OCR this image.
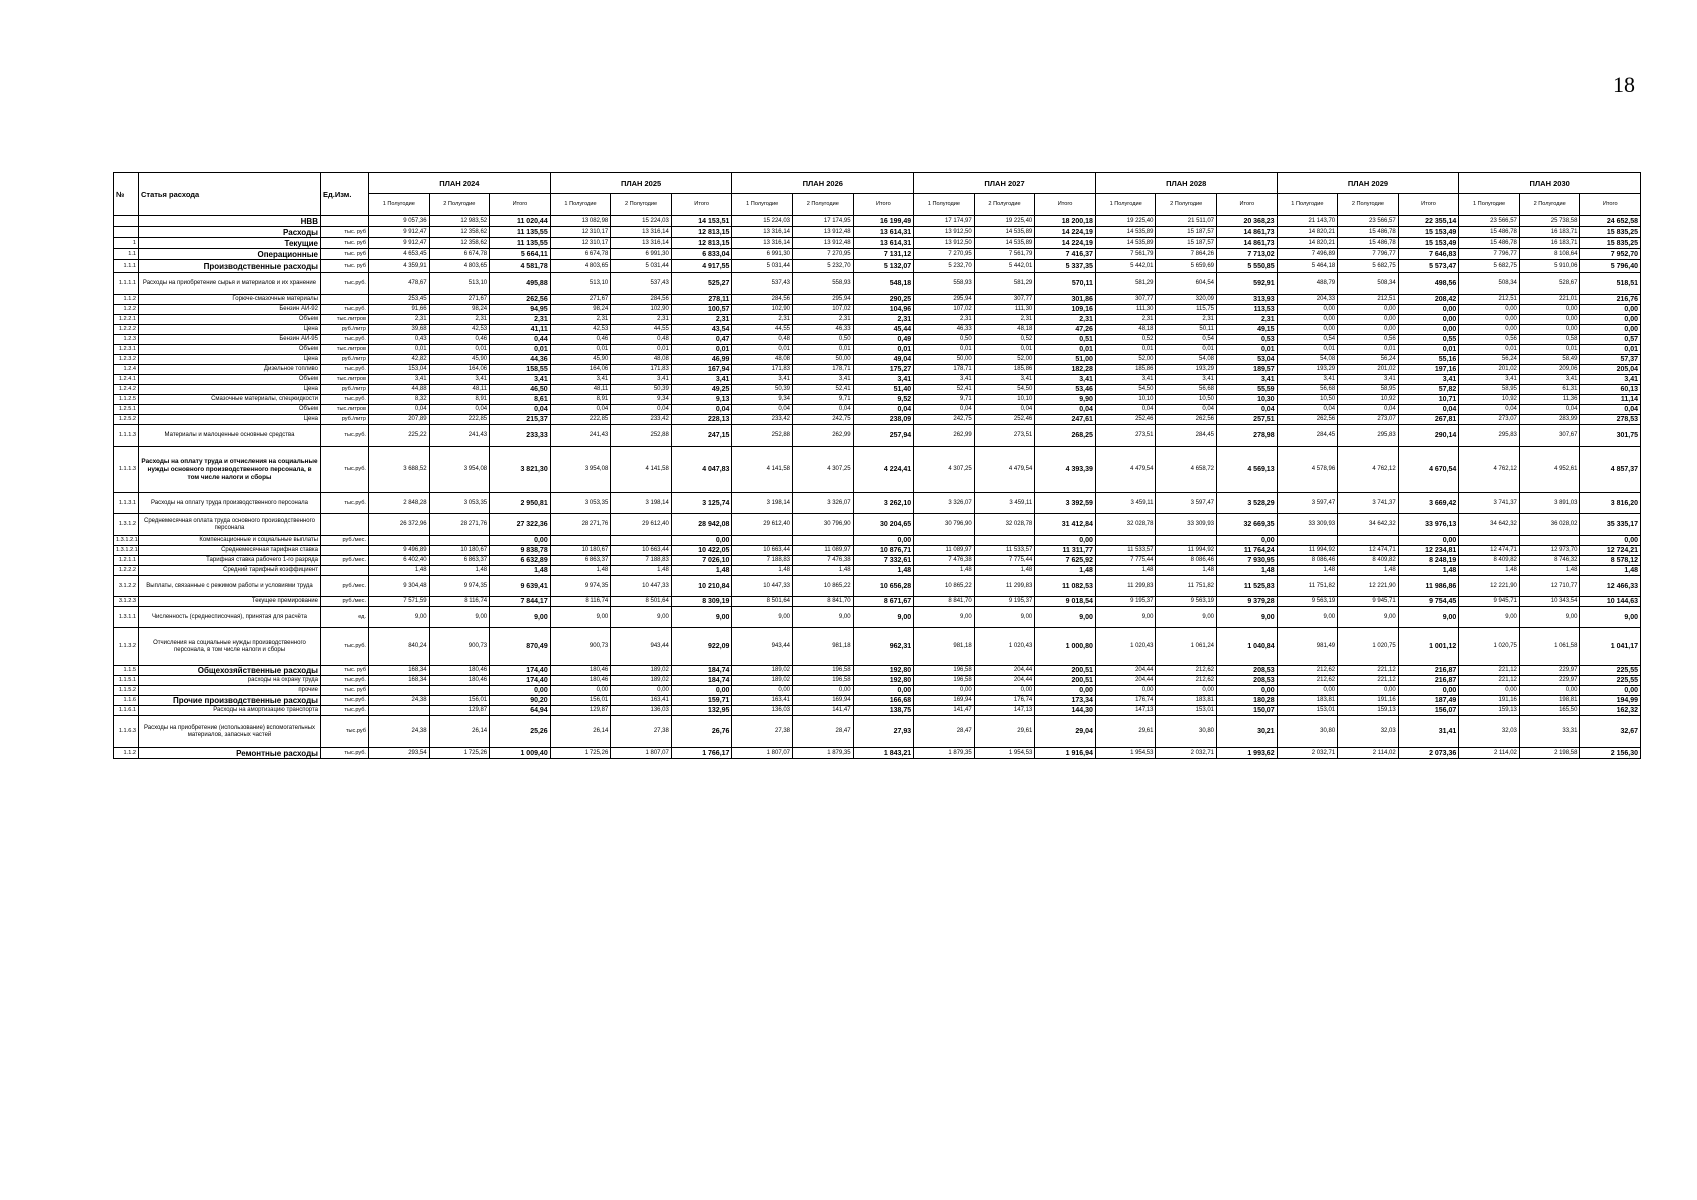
18
№	Статья расхода	Ед.Изм.	ПЛАН 2024			ПЛАН 2025			ПЛАН 2026			ПЛАН 2027			ПЛАН 2028			ПЛАН 2029			ПЛАН 2030		
			1 Полугодие	2 Полугодие	Итого	1 Полугодие	2 Полугодие	Итого	1 Полугодие	2 Полугодие	Итого	1 Полугодие	2 Полугодие	Итого	1 Полугодие	2 Полугодие	Итого	1 Полугодие	2 Полугодие	Итого	1 Полугодие	2 Полугодие	Итого
	НВВ		9 057,36	12 983,52	11 020,44	13 082,98	15 224,03	14 153,51	15 224,03	17 174,95	16 199,49	17 174,97	19 225,40	18 200,18	19 225,40	21 511,07	20 368,23	21 143,70	23 566,57	22 355,14	23 566,57	25 738,58	24 652,58
	Расходы	тыс. руб	9 912,47	12 358,62	11 135,55	12 310,17	13 316,14	12 813,15	13 316,14	13 912,48	13 614,31	13 912,50	14 535,89	14 224,19	14 535,89	15 187,57	14 861,73	14 820,21	15 486,78	15 153,49	15 486,78	16 183,71	15 835,25
1	Текущие	тыс. руб	9 912,47	12 358,62	11 135,55	12 310,17	13 316,14	12 813,15	13 316,14	13 912,48	13 614,31	13 912,50	14 535,89	14 224,19	14 535,89	15 187,57	14 861,73	14 820,21	15 486,78	15 153,49	15 486,78	16 183,71	15 835,25
1.1	Операционные	тыс. руб	4 653,45	6 674,78	5 664,11	6 674,78	6 991,30	6 833,04	6 991,30	7 270,95	7 131,12	7 270,95	7 561,79	7 416,37	7 561,79	7 864,26	7 713,02	7 496,89	7 796,77	7 646,83	7 796,77	8 108,64	7 952,70
1.1.1	Производственные расходы	тыс. руб	4 359,91	4 803,65	4 581,78	4 803,65	5 031,44	4 917,55	5 031,44	5 232,70	5 132,07	5 232,70	5 442,01	5 337,35	5 442,01	5 659,69	5 550,85	5 464,18	5 682,75	5 573,47	5 682,75	5 910,06	5 796,40
1.1.1.1	Расходы на приобретение сырья и материалов и их хранение	тыс.руб.	478,67	513,10	495,88	513,10	537,43	525,27	537,43	558,93	548,18	558,93	581,29	570,11	581,29	604,54	592,91	488,79	508,34	498,56	508,34	528,67	518,51
1.1.2	Горюче-смазочные материалы		253,45	271,67	262,56	271,67	284,56	278,11	284,56	295,94	290,25	295,94	307,77	301,86	307,77	320,09	313,93	204,33	212,51	208,42	212,51	221,01	216,76
1.2.2	Бензин АИ-92	тыс.руб.	91,66	98,24	94,95	98,24	102,90	100,57	102,90	107,02	104,96	107,02	111,30	109,16	111,30	115,75	113,53	0,00	0,00	0,00	0,00	0,00	0,00
1.2.2.1	Объем	тыс.литров	2,31	2,31	2,31	2,31	2,31	2,31	2,31	2,31	2,31	2,31	2,31	2,31	2,31	2,31	2,31	0,00	0,00	0,00	0,00	0,00	0,00
1.2.2.2	Цена	руб./литр	39,68	42,53	41,11	42,53	44,55	43,54	44,55	46,33	45,44	46,33	48,18	47,26	48,18	50,11	49,15	0,00	0,00	0,00	0,00	0,00	0,00
1.2.3	Бензин АИ-95	тыс.руб.	0,43	0,46	0,44	0,46	0,48	0,47	0,48	0,50	0,49	0,50	0,52	0,51	0,52	0,54	0,53	0,54	0,56	0,55	0,56	0,58	0,57
1.2.3.1	Объем	тыс.литров	0,01	0,01	0,01	0,01	0,01	0,01	0,01	0,01	0,01	0,01	0,01	0,01	0,01	0,01	0,01	0,01	0,01	0,01	0,01	0,01	0,01
1.2.3.2	Цена	руб./литр	42,82	45,90	44,36	45,90	48,08	46,99	48,08	50,00	49,04	50,00	52,00	51,00	52,00	54,08	53,04	54,08	56,24	55,16	56,24	58,49	57,37
1.2.4	Дизельное топливо	тыс.руб.	153,04	164,06	158,55	164,06	171,83	167,94	171,83	178,71	175,27	178,71	185,86	182,28	185,86	193,29	189,57	193,29	201,02	197,16	201,02	209,06	205,04
1.2.4.1	Объем	тыс.литров	3,41	3,41	3,41	3,41	3,41	3,41	3,41	3,41	3,41	3,41	3,41	3,41	3,41	3,41	3,41	3,41	3,41	3,41	3,41	3,41	3,41
1.2.4.2	Цена	руб./литр	44,88	48,11	46,50	48,11	50,39	49,25	50,39	52,41	51,40	52,41	54,50	53,46	54,50	56,68	55,59	56,68	58,95	57,82	58,95	61,31	60,13
1.1.2.5	Смазочные материалы, спецжидкости	тыс.руб.	8,32	8,91	8,61	8,91	9,34	9,13	9,34	9,71	9,52	9,71	10,10	9,90	10,10	10,50	10,30	10,50	10,92	10,71	10,92	11,36	11,14
1.2.5.1	Объем	тыс.литров	0,04	0,04	0,04	0,04	0,04	0,04	0,04	0,04	0,04	0,04	0,04	0,04	0,04	0,04	0,04	0,04	0,04	0,04	0,04	0,04	0,04
1.2.5.2	Цена	руб./литр	207,89	222,85	215,37	222,85	233,42	228,13	233,42	242,75	238,09	242,75	252,46	247,61	252,46	262,56	257,51	262,56	273,07	267,81	273,07	283,99	278,53
1.1.1.3	Материалы и малоценные основные средства	тыс.руб.	225,22	241,43	233,33	241,43	252,88	247,15	252,88	262,99	257,94	262,99	273,51	268,25	273,51	284,45	278,98	284,45	295,83	290,14	295,83	307,67	301,75
1.1.1.3	Расходы на оплату труда и отчисления на социальные нужды основного производственного персонала, в том числе налоги и сборы	тыс.руб.	3 688,52	3 954,08	3 821,30	3 954,08	4 141,58	4 047,83	4 141,58	4 307,25	4 224,41	4 307,25	4 479,54	4 393,39	4 479,54	4 658,72	4 569,13	4 578,96	4 762,12	4 670,54	4 762,12	4 952,61	4 857,37
1.1.3.1	Расходы на оплату труда производственного персонала	тыс.руб.	2 848,28	3 053,35	2 950,81	3 053,35	3 198,14	3 125,74	3 198,14	3 326,07	3 262,10	3 326,07	3 459,11	3 392,59	3 459,11	3 597,47	3 528,29	3 597,47	3 741,37	3 669,42	3 741,37	3 891,03	3 816,20
1.3.1.2	Среднемесячная оплата труда основного производственного персонала		26 372,96	28 271,76	27 322,36	28 271,76	29 612,40	28 942,08	29 612,40	30 796,90	30 204,65	30 796,90	32 028,78	31 412,84	32 028,78	33 309,93	32 669,35	33 309,93	34 642,32	33 976,13	34 642,32	36 028,02	35 335,17
1.3.1.2.1	Компенсационные и социальные выплаты	руб./мес.			0,00			0,00			0,00			0,00			0,00			0,00			0,00
1.3.1.2.1	Среднемесячная тарифная ставка		9 496,89	10 180,67	9 838,78	10 180,67	10 663,44	10 422,05	10 663,44	11 089,97	10 876,71	11 089,97	11 533,57	11 311,77	11 533,57	11 994,92	11 764,24	11 994,92	12 474,71	12 234,81	12 474,71	12 973,70	12 724,21
1.2.1.1	Тарифная ставка рабочего 1-го разряда	руб./мес.	6 402,40	6 863,37	6 632,89	6 863,37	7 188,83	7 026,10	7 188,83	7 476,38	7 332,61	7 476,38	7 775,44	7 625,92	7 775,44	8 086,46	7 930,95	8 086,46	8 409,82	8 248,19	8 409,82	8 746,32	8 578,12
1.2.2.2	Средний тарифный коэффициент		1,48	1,48	1,48	1,48	1,48	1,48	1,48	1,48	1,48	1,48	1,48	1,48	1,48	1,48	1,48	1,48	1,48	1,48	1,48	1,48	1,48
3.1.2.2	Выплаты, связанные с режимом работы и условиями труда	руб./мес.	9 304,48	9 974,35	9 639,41	9 974,35	10 447,33	10 210,84	10 447,33	10 865,22	10 656,28	10 865,22	11 299,83	11 082,53	11 299,83	11 751,82	11 525,83	11 751,82	12 221,90	11 986,86	12 221,90	12 710,77	12 466,33
3.1.2.3	Текущее премирование	руб./мес.	7 571,59	8 116,74	7 844,17	8 116,74	8 501,64	8 309,19	8 501,64	8 841,70	8 671,67	8 841,70	9 195,37	9 018,54	9 195,37	9 563,19	9 379,28	9 563,19	9 945,71	9 754,45	9 945,71	10 343,54	10 144,63
1.3.1.1	Численность (среднесписочная), принятая для расчёта	ед.	9,00	9,00	9,00	9,00	9,00	9,00	9,00	9,00	9,00	9,00	9,00	9,00	9,00	9,00	9,00	9,00	9,00	9,00	9,00	9,00	9,00
1.1.3.2	Отчисления на социальные нужды производственного персонала, в том числе налоги и сборы	тыс.руб.	840,24	900,73	870,49	900,73	943,44	922,09	943,44	981,18	962,31	981,18	1 020,43	1 000,80	1 020,43	1 061,24	1 040,84	981,49	1 020,75	1 001,12	1 020,75	1 061,58	1 041,17
1.1.5	Общехозяйственные расходы	тыс. руб	168,34	180,46	174,40	180,46	189,02	184,74	189,02	196,58	192,80	196,58	204,44	200,51	204,44	212,62	208,53	212,62	221,12	216,87	221,12	229,97	225,55
1.1.5.1	расходы на охрану труда	тыс.руб.	168,34	180,46	174,40	180,46	189,02	184,74	189,02	196,58	192,80	196,58	204,44	200,51	204,44	212,62	208,53	212,62	221,12	216,87	221,12	229,97	225,55
1.1.5.2	прочие	тыс. руб			0,00	0,00	0,00	0,00	0,00	0,00	0,00	0,00	0,00	0,00	0,00	0,00	0,00	0,00	0,00	0,00	0,00	0,00	0,00
1.1.6	Прочие производственные расходы	тыс.руб.	24,38	156,01	90,20	156,01	163,41	159,71	163,41	169,94	166,68	169,94	176,74	173,34	176,74	183,81	180,28	183,81	191,16	187,49	191,16	198,81	194,99
1.1.6.1	Расходы на амортизацию транспорта	тыс.руб.		129,87	64,94	129,87	136,03	132,95	136,03	141,47	138,75	141,47	147,13	144,30	147,13	153,01	150,07	153,01	159,13	156,07	159,13	165,50	162,32
1.1.6.3	Расходы на приобретение (использование) вспомогательных материалов, запасных частей	тыс.руб	24,38	26,14	25,26	26,14	27,38	26,76	27,38	28,47	27,93	28,47	29,61	29,04	29,61	30,80	30,21	30,80	32,03	31,41	32,03	33,31	32,67
1.1.2	Ремонтные расходы	тыс.руб.	293,54	1 725,26	1 009,40	1 725,26	1 807,07	1 766,17	1 807,07	1 879,35	1 843,21	1 879,35	1 954,53	1 916,94	1 954,53	2 032,71	1 993,62	2 032,71	2 114,02	2 073,36	2 114,02	2 198,58	2 156,30
